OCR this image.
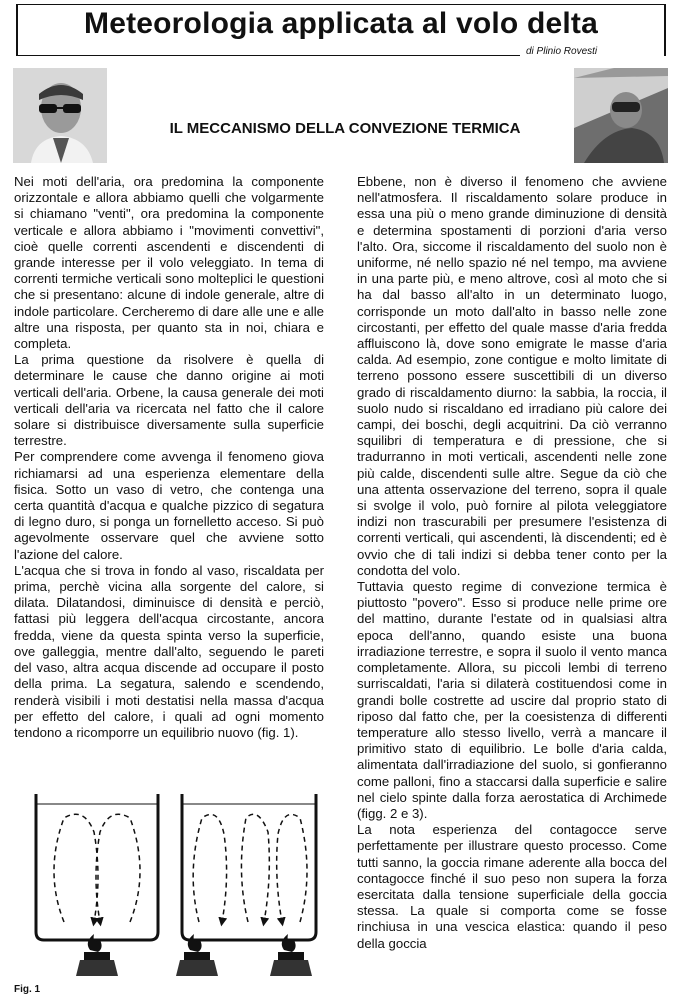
Meteorologia applicata al volo delta
di Plinio Rovesti
IL MECCANISMO DELLA CONVEZIONE TERMICA

Nei moti dell'aria, ora predomina la componente orizzontale e allora abbiamo quelli che volgarmente si chiamano "venti", ora predomina la componente verticale e allora abbiamo i "movimenti convettivi", cioè quelle correnti ascendenti e discendenti di grande interesse per il volo veleggiato. In tema di correnti termiche verticali sono molteplici le questioni che si presentano: alcune di indole generale, altre di indole particolare. Cercheremo di dare alle une e alle altre una risposta, per quanto sta in noi, chiara e completa.

La prima questione da risolvere è quella di determinare le cause che danno origine ai moti verticali dell'aria. Orbene, la causa generale dei moti verticali dell'aria va ricercata nel fatto che il calore solare si distribuisce diversamente sulla superficie terrestre.

Per comprendere come avvenga il fenomeno giova richiamarsi ad una esperienza elementare della fisica. Sotto un vaso di vetro, che contenga una certa quantità d'acqua e qualche pizzico di segatura di legno duro, si ponga un fornelletto acceso. Si può agevolmente osservare quel che avviene sotto l'azione del calore.

L'acqua che si trova in fondo al vaso, riscaldata per prima, perchè vicina alla sorgente del calore, si dilata. Dilatandosi, diminuisce di densità e perciò, fattasi più leggera dell'acqua circostante, ancora fredda, viene da questa spinta verso la superficie, ove galleggia, mentre dall'alto, seguendo le pareti del vaso, altra acqua discende ad occupare il posto della prima. La segatura, salendo e scendendo, renderà visibili i moti destatisi nella massa d'acqua per effetto del calore, i quali ad ogni momento tendono a ricomporre un equilibrio nuovo (fig. 1).

Ebbene, non è diverso il fenomeno che avviene nell'atmosfera. Il riscaldamento solare produce in essa una più o meno grande diminuzione di densità e determina spostamenti di porzioni d'aria verso l'alto. Ora, siccome il riscaldamento del suolo non è uniforme, né nello spazio né nel tempo, ma avviene in una parte più, e meno altrove, così al moto che si ha dal basso all'alto in un determinato luogo, corrisponde un moto dall'alto in basso nelle zone circostanti, per effetto del quale masse d'aria fredda affluiscono là, dove sono emigrate le masse d'aria calda. Ad esempio, zone contigue e molto limitate di terreno possono essere suscettibili di un diverso grado di riscaldamento diurno: la sabbia, la roccia, il suolo nudo si riscaldano ed irradiano più calore dei campi, dei boschi, degli acquitrini. Da ciò verranno squilibri di temperatura e di pressione, che si tradurranno in moti verticali, ascendenti nelle zone più calde, discendenti sulle altre. Segue da ciò che una attenta osservazione del terreno, sopra il quale si svolge il volo, può fornire al pilota veleggiatore indizi non trascurabili per presumere l'esistenza di correnti verticali, qui ascendenti, là discendenti; ed è ovvio che di tali indizi si debba tener conto per la condotta del volo.

Tuttavia questo regime di convezione termica è piuttosto "povero". Esso si produce nelle prime ore del mattino, durante l'estate od in qualsiasi altra epoca dell'anno, quando esiste una buona irradiazione terrestre, e sopra il suolo il vento manca completamente. Allora, su piccoli lembi di terreno surriscaldati, l'aria si dilaterà costituendosi come in grandi bolle costrette ad uscire dal proprio stato di riposo dal fatto che, per la coesistenza di differenti temperature allo stesso livello, verrà a mancare il primitivo stato di equilibrio. Le bolle d'aria calda, alimentata dall'irradiazione del suolo, si gonfieranno come palloni, fino a staccarsi dalla superficie e salire nel cielo spinte dalla forza aerostatica di Archimede (figg. 2 e 3).

La nota esperienza del contagocce serve perfettamente per illustrare questo processo. Come tutti sanno, la goccia rimane aderente alla bocca del contagocce finché il suo peso non supera la forza esercitata dalla tensione superficiale della goccia stessa. La quale si comporta come se fosse rinchiusa in una vescica elastica: quando il peso della goccia

Fig. 1
